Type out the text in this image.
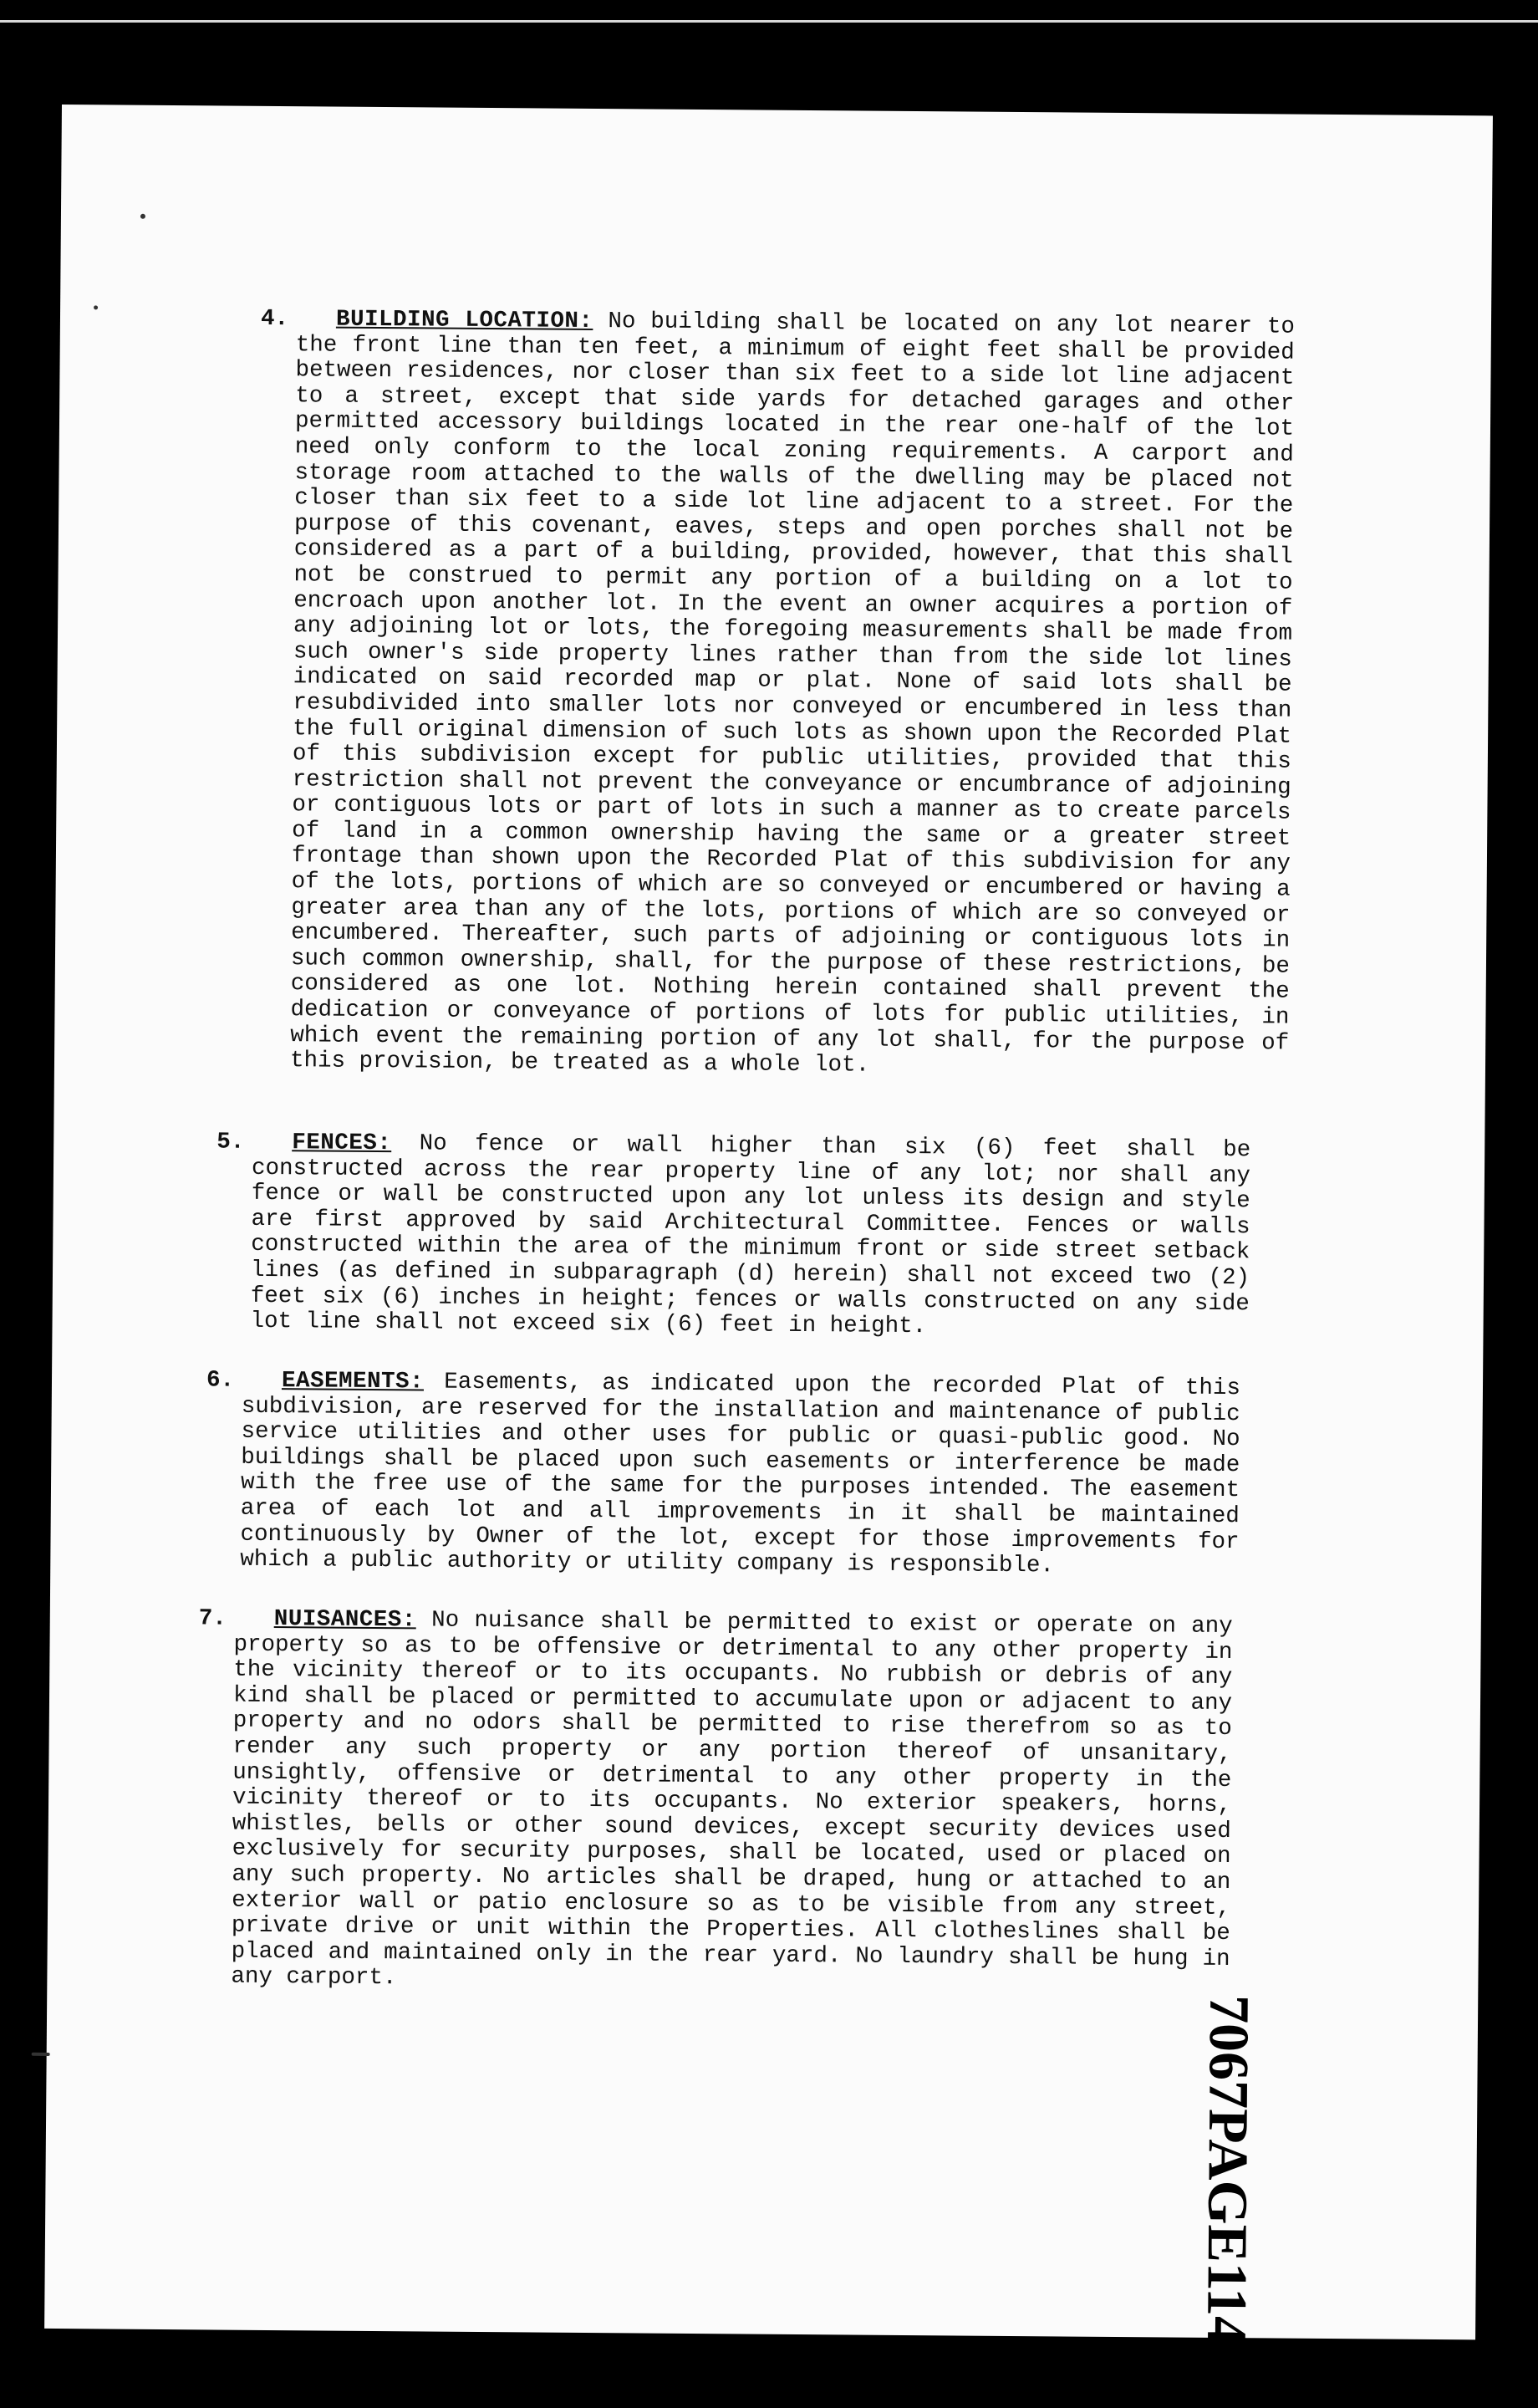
4.	BUILDING LOCATION: No building shall be located on any lot nearer to the front line than ten feet, a minimum of eight feet shall be provided between residences, nor closer than six feet to a side lot line adjacent to a street, except that side yards for detached garages and other permitted accessory buildings located in the rear one-half of the lot need only conform to the local zoning requirements. A carport and storage room attached to the walls of the dwelling may be placed not closer than six feet to a side lot line adjacent to a street. For the purpose of this covenant, eaves, steps and open porches shall not be considered as a part of a building, provided, however, that this shall not be construed to permit any portion of a building on a lot to encroach upon another lot. In the event an owner acquires a portion of any adjoining lot or lots, the foregoing measurements shall be made from such owner's side property lines rather than from the side lot lines indicated on said recorded map or plat. None of said lots shall be resubdivided into smaller lots nor conveyed or encumbered in less than the full original dimension of such lots as shown upon the Recorded Plat of this subdivision except for public utilities, provided that this restriction shall not prevent the conveyance or encumbrance of adjoining or contiguous lots or part of lots in such a manner as to create parcels of land in a common ownership having the same or a greater street frontage than shown upon the Recorded Plat of this subdivision for any of the lots, portions of which are so conveyed or encumbered or having a greater area than any of the lots, portions of which are so conveyed or encumbered. Thereafter, such parts of adjoining or contiguous lots in such common ownership, shall, for the purpose of these restrictions, be considered as one lot. Nothing herein contained shall prevent the dedication or conveyance of portions of lots for public utilities, in which event the remaining portion of any lot shall, for the purpose of this provision, be treated as a whole lot.
5.	FENCES: No fence or wall higher than six (6) feet shall be constructed across the rear property line of any lot; nor shall any fence or wall be constructed upon any lot unless its design and style are first approved by said Architectural Committee. Fences or walls constructed within the area of the minimum front or side street setback lines (as defined in subparagraph (d) herein) shall not exceed two (2) feet six (6) inches in height; fences or walls constructed on any side lot line shall not exceed six (6) feet in height.
6.	EASEMENTS: Easements, as indicated upon the recorded Plat of this subdivision, are reserved for the installation and maintenance of public service utilities and other uses for public or quasi-public good. No buildings shall be placed upon such easements or interference be made with the free use of the same for the purposes intended. The easement area of each lot and all improvements in it shall be maintained continuously by Owner of the lot, except for those improvements for which a public authority or utility company is responsible.
7.	NUISANCES: No nuisance shall be permitted to exist or operate on any property so as to be offensive or detrimental to any other property in the vicinity thereof or to its occupants. No rubbish or debris of any kind shall be placed or permitted to accumulate upon or adjacent to any property and no odors shall be permitted to rise therefrom so as to render any such property or any portion thereof of unsanitary, unsightly, offensive or detrimental to any other property in the vicinity thereof or to its occupants. No exterior speakers, horns, whistles, bells or other sound devices, except security devices used exclusively for security purposes, shall be located, used or placed on any such property. No articles shall be draped, hung or attached to an exterior wall or patio enclosure so as to be visible from any street, private drive or unit within the Properties. All clotheslines shall be placed and maintained only in the rear yard. No laundry shall be hung in any carport.
7067PAGE1141
